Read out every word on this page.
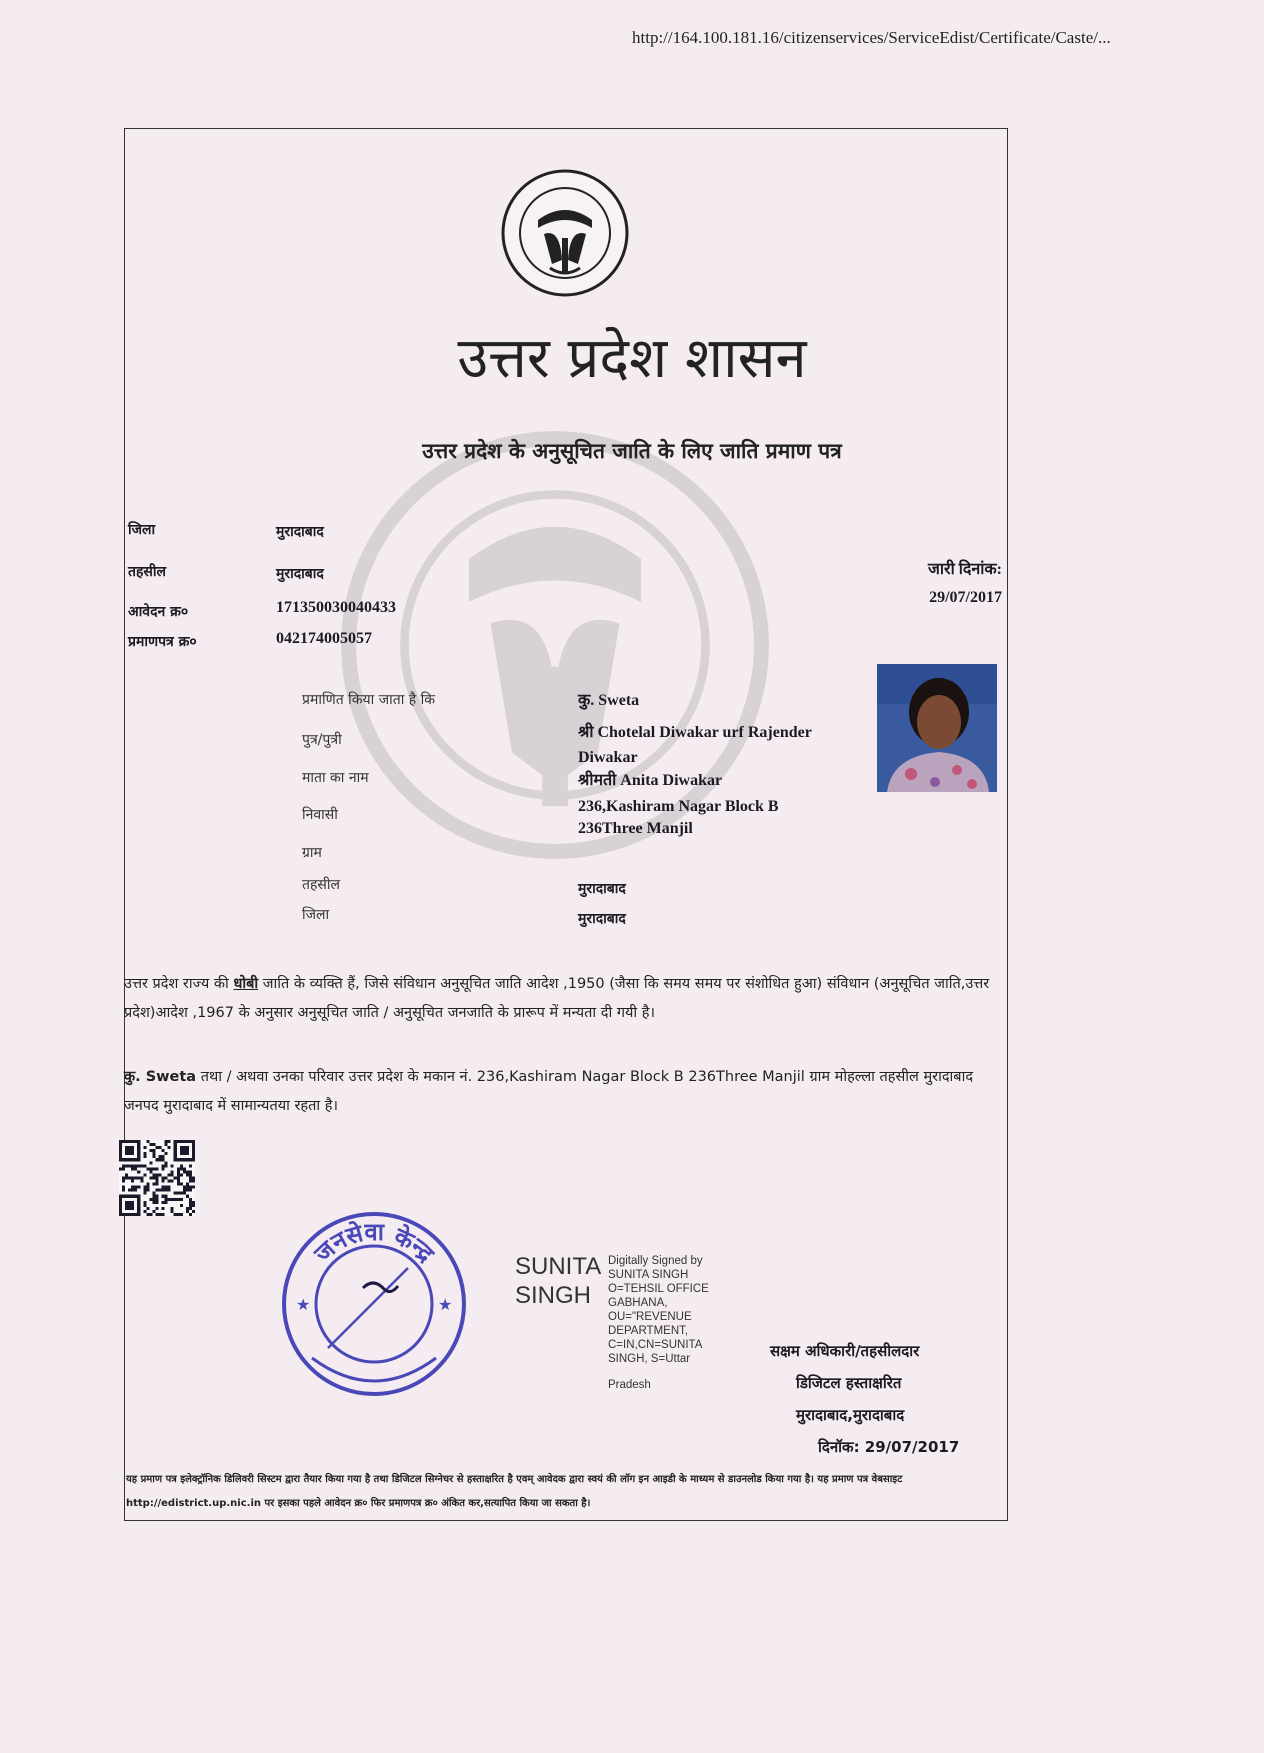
http://164.100.181.16/citizenservices/ServiceEdist/Certificate/Caste/...
उत्तर प्रदेश शासन
उत्तर प्रदेश के अनुसूचित जाति के लिए जाति प्रमाण पत्र
जिला	मुरादाबाद
तहसील	मुरादाबाद
आवेदन क्र०	171350030040433
प्रमाणपत्र क्र०	042174005057
जारी दिनांक:
29/07/2017
प्रमाणित किया जाता है कि	कु. Sweta
पुत्र/पुत्री	श्री Chotelal Diwakar urf Rajender
Diwakar
माता का नाम	श्रीमती Anita Diwakar
निवासी	236,Kashiram Nagar Block B
236Three Manjil
ग्राम
तहसील	मुरादाबाद
जिला	मुरादाबाद
उत्तर प्रदेश राज्य की धोबी जाति के व्यक्ति हैं, जिसे संविधान अनुसूचित जाति आदेश ,1950 (जैसा कि समय समय पर संशोधित हुआ) संविधान (अनुसूचित जाति,उत्तर प्रदेश)आदेश ,1967 के अनुसार अनुसूचित जाति / अनुसूचित जनजाति के प्रारूप में मन्यता दी गयी है।
कु. Sweta तथा / अथवा उनका परिवार उत्तर प्रदेश के मकान नं. 236,Kashiram Nagar Block B 236Three Manjil ग्राम मोहल्ला तहसील मुरादाबाद जनपद मुरादाबाद में सामान्यतया रहता है।
जनसेवा केन्द्र
★	★
SUNITA
SINGH
Digitally Signed by SUNITA SINGH O=TEHSIL OFFICE GABHANA, OU="REVENUE DEPARTMENT, C=IN,CN=SUNITA SINGH, S=Uttar
Pradesh
सक्षम अधिकारी/तहसीलदार
डिजिटल हस्ताक्षरित
मुरादाबाद,मुरादाबाद
दिनॉक: 29/07/2017
यह प्रमाण पत्र इलेक्ट्रॉनिक डिलिवरी सिस्टम द्वारा तैयार किया गया है तथा डिजिटल सिग्नेचर से हस्ताक्षरित है एवम् आवेदक द्वारा स्वयं की लॉग इन आइडी के माध्यम से डाउनलोड किया गया है। यह प्रमाण पत्र वेबसाइट http://edistrict.up.nic.in पर इसका पहले आवेदन क्र० फिर प्रमाणपत्र क्र० अंकित कर,सत्यापित किया जा सकता है।
